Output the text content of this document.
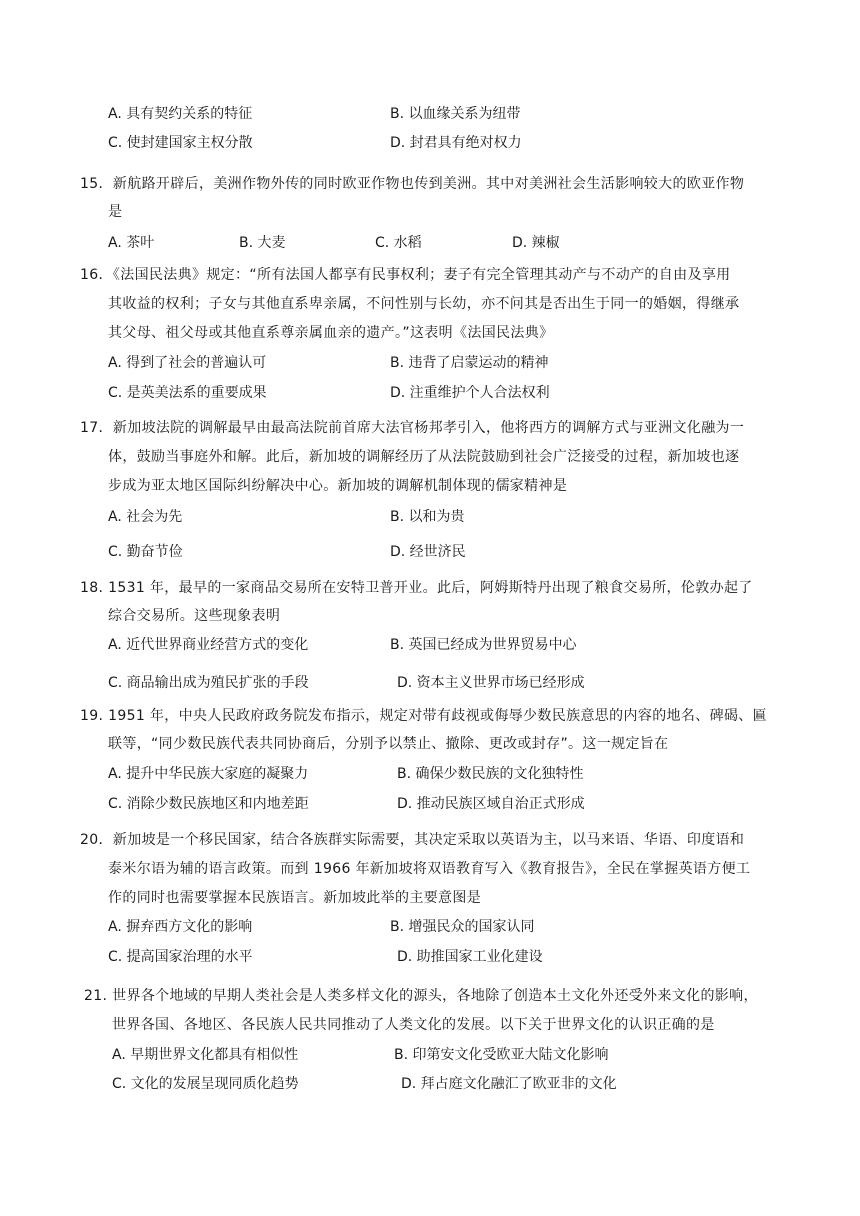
A. 具有契约关系的特征	B. 以血缘关系为纽带
C. 使封建国家主权分散	D. 封君具有绝对权力
15．新航路开辟后，美洲作物外传的同时欧亚作物也传到美洲。其中对美洲社会生活影响较大的欧亚作物
是
A. 茶叶	B. 大麦	C. 水稻	D. 辣椒
16．《法国民法典》规定：“所有法国人都享有民事权利；妻子有完全管理其动产与不动产的自由及享用
其收益的权利；子女与其他直系卑亲属，不问性别与长幼，亦不问其是否出生于同一的婚姻，得继承
其父母、祖父母或其他直系尊亲属血亲的遗产。”这表明《法国民法典》
A. 得到了社会的普遍认可	B. 违背了启蒙运动的精神
C. 是英美法系的重要成果	D. 注重维护个人合法权利
17．新加坡法院的调解最早由最高法院前首席大法官杨邦孝引入，他将西方的调解方式与亚洲文化融为一
体，鼓励当事庭外和解。此后，新加坡的调解经历了从法院鼓励到社会广泛接受的过程，新加坡也逐
步成为亚太地区国际纠纷解决中心。新加坡的调解机制体现的儒家精神是
A. 社会为先	B. 以和为贵
C. 勤奋节俭	D. 经世济民
18. 1531 年，最早的一家商品交易所在安特卫普开业。此后，阿姆斯特丹出现了粮食交易所，伦敦办起了
综合交易所。这些现象表明
A. 近代世界商业经营方式的变化	B. 英国已经成为世界贸易中心
C. 商品输出成为殖民扩张的手段	D. 资本主义世界市场已经形成
19. 1951 年，中央人民政府政务院发布指示，规定对带有歧视或侮辱少数民族意思的内容的地名、碑碣、匾
联等，“同少数民族代表共同协商后，分别予以禁止、撤除、更改或封存”。这一规定旨在
A. 提升中华民族大家庭的凝聚力	B. 确保少数民族的文化独特性
C. 消除少数民族地区和内地差距	D. 推动民族区域自治正式形成
20．新加坡是一个移民国家，结合各族群实际需要，其决定采取以英语为主，以马来语、华语、印度语和
泰米尔语为辅的语言政策。而到 1966 年新加坡将双语教育写入《教育报告》，全民在掌握英语方便工
作的同时也需要掌握本民族语言。新加坡此举的主要意图是
A. 摒弃西方文化的影响	B. 增强民众的国家认同
C. 提高国家治理的水平	D. 助推国家工业化建设
21. 世界各个地域的早期人类社会是人类多样文化的源头，各地除了创造本土文化外还受外来文化的影响，
世界各国、各地区、各民族人民共同推动了人类文化的发展。以下关于世界文化的认识正确的是
A. 早期世界文化都具有相似性	B. 印第安文化受欧亚大陆文化影响
C. 文化的发展呈现同质化趋势	D. 拜占庭文化融汇了欧亚非的文化
